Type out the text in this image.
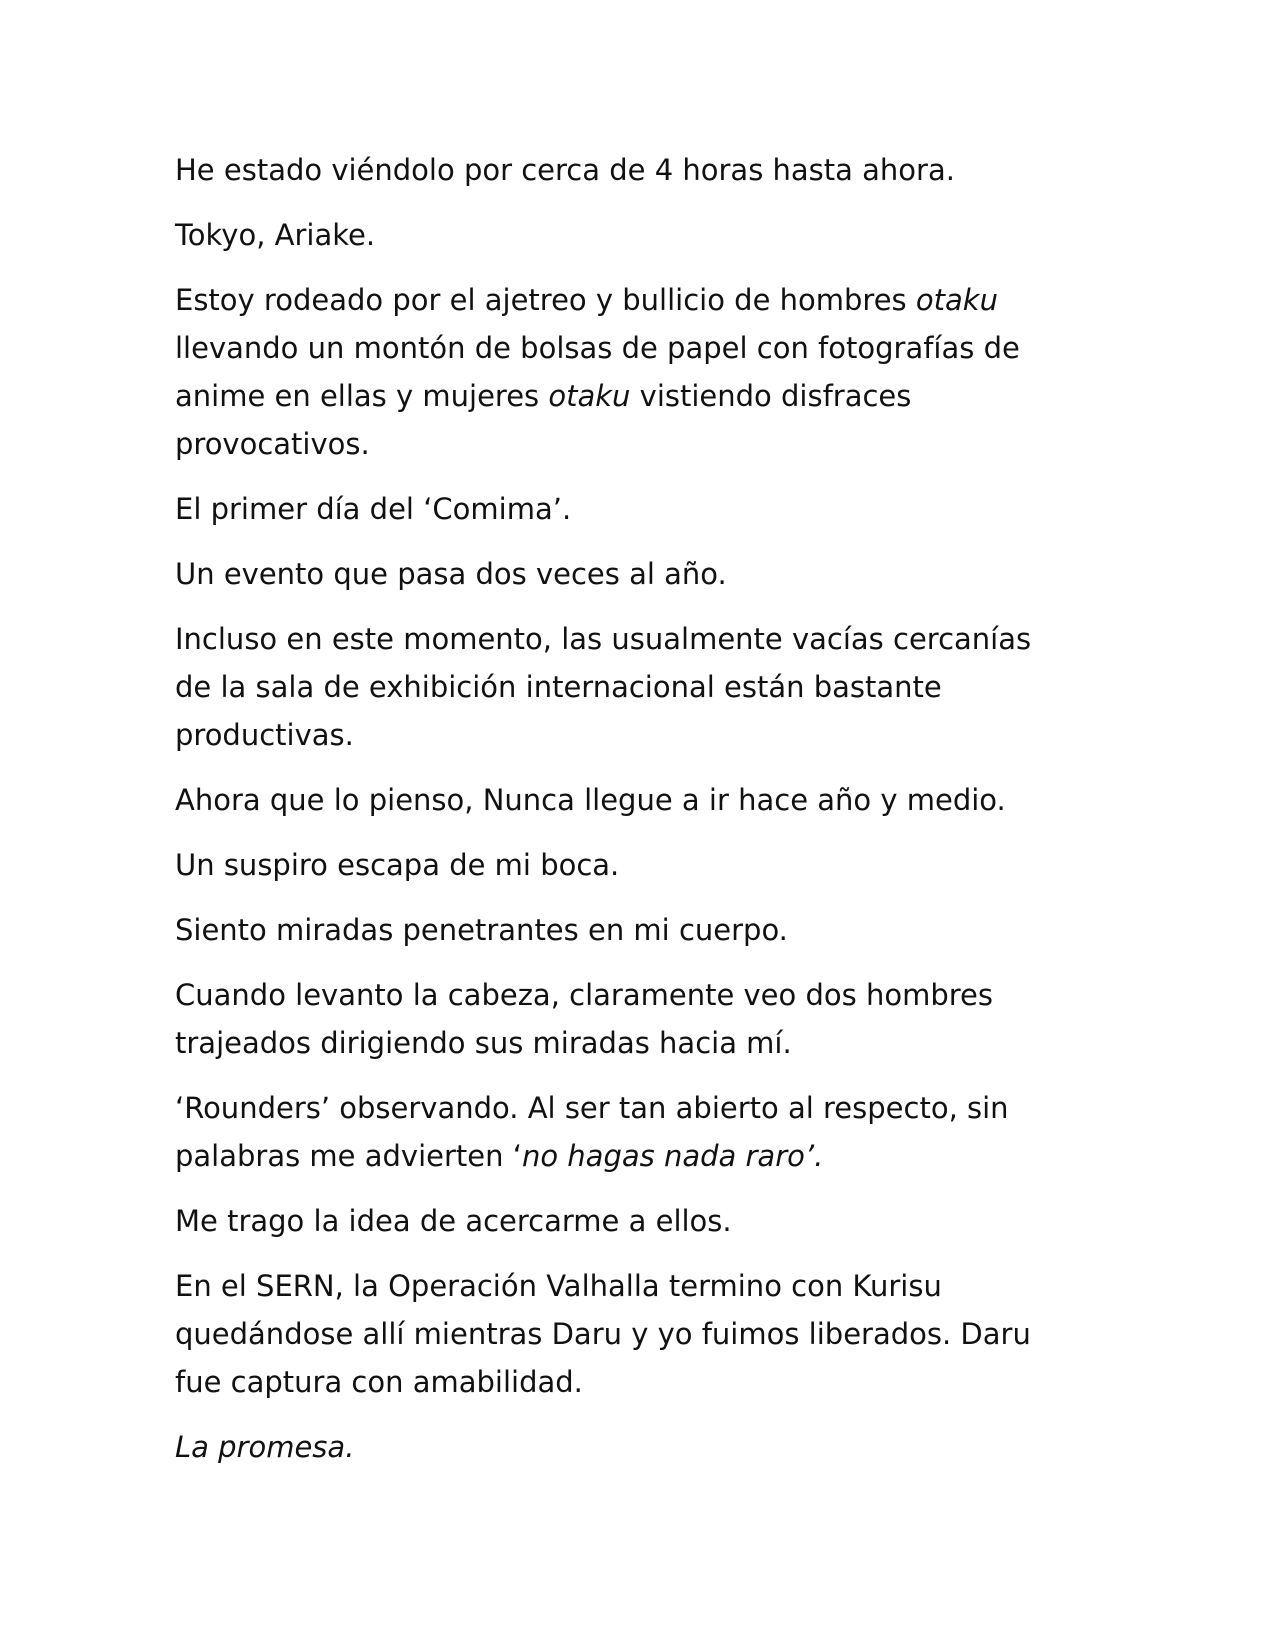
He estado viéndolo por cerca de 4 horas hasta ahora.

Tokyo, Ariake.

Estoy rodeado por el ajetreo y bullicio de hombres otaku
llevando un montón de bolsas de papel con fotografías de
anime en ellas y mujeres otaku vistiendo disfraces
provocativos.

El primer día del ‘Comima’.

Un evento que pasa dos veces al año.

Incluso en este momento, las usualmente vacías cercanías
de la sala de exhibición internacional están bastante
productivas.

Ahora que lo pienso, Nunca llegue a ir hace año y medio.

Un suspiro escapa de mi boca.

Siento miradas penetrantes en mi cuerpo.

Cuando levanto la cabeza, claramente veo dos hombres
trajeados dirigiendo sus miradas hacia mí.

‘Rounders’ observando. Al ser tan abierto al respecto, sin
palabras me advierten ‘no hagas nada raro’.

Me trago la idea de acercarme a ellos.

En el SERN, la Operación Valhalla termino con Kurisu
quedándose allí mientras Daru y yo fuimos liberados. Daru
fue captura con amabilidad.

La promesa.
